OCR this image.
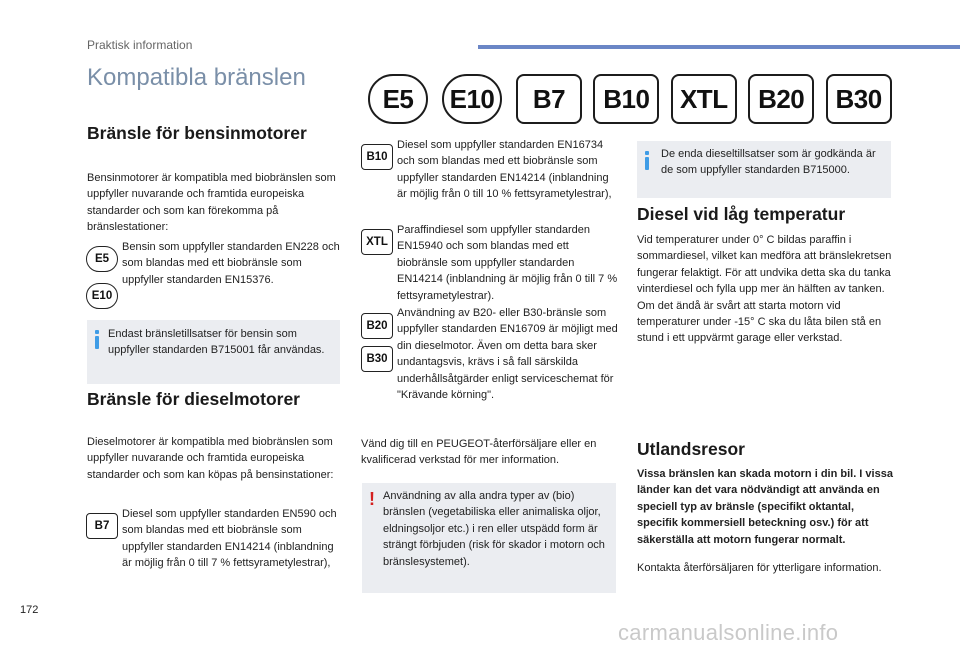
Praktisk information
Kompatibla bränslen
E5	E10	B7	B10	XTL	B20	B30
Bränsle för bensinmotorer
Bensinmotorer är kompatibla med biobränslen som uppfyller nuvarande och framtida europeiska standarder och som kan förekomma på bränslestationer:
E5
E10
Bensin som uppfyller standarden EN228 och som blandas med ett biobränsle som uppfyller standarden EN15376.
Endast bränsletillsatser för bensin som uppfyller standarden B715001 får användas.
Bränsle för dieselmotorer
Dieselmotorer är kompatibla med biobränslen som uppfyller nuvarande och framtida europeiska standarder och som kan köpas på bensinstationer:
B7
Diesel som uppfyller standarden EN590 och som blandas med ett biobränsle som uppfyller standarden EN14214 (inblandning är möjlig från 0 till 7 % fettsyrametylestrar),
B10
Diesel som uppfyller standarden EN16734 och som blandas med ett biobränsle som uppfyller standarden EN14214 (inblandning är möjlig från 0 till 10 % fettsyrametylestrar),
XTL
Paraffindiesel som uppfyller standarden EN15940 och som blandas med ett biobränsle som uppfyller standarden EN14214 (inblandning är möjlig från 0 till 7 % fettsyrametylestrar).
B20
B30
Användning av B20- eller B30-bränsle som uppfyller standarden EN16709 är möjligt med din dieselmotor. Även om detta bara sker undantagsvis, krävs i så fall särskilda underhållsåtgärder enligt serviceschemat för "Krävande körning".
Vänd dig till en PEUGEOT-återförsäljare eller en kvalificerad verkstad för mer information.
! Användning av alla andra typer av (bio) bränslen (vegetabiliska eller animaliska oljor, eldningsoljor etc.) i ren eller utspädd form är strängt förbjuden (risk för skador i motorn och bränslesystemet).
De enda dieseltillsatser som är godkända är de som uppfyller standarden B715000.
Diesel vid låg temperatur
Vid temperaturer under 0° C bildas paraffin i sommardiesel, vilket kan medföra att bränslekretsen fungerar felaktigt. För att undvika detta ska du tanka vinterdiesel och fylla upp mer än hälften av tanken.
Om det ändå är svårt att starta motorn vid temperaturer under -15° C ska du låta bilen stå en stund i ett uppvärmt garage eller verkstad.
Utlandsresor
Vissa bränslen kan skada motorn i din bil. I vissa länder kan det vara nödvändigt att använda en speciell typ av bränsle (specifikt oktantal, specifik kommersiell beteckning osv.) för att säkerställa att motorn fungerar normalt.
Kontakta återförsäljaren för ytterligare information.
172
carmanualsonline.info
